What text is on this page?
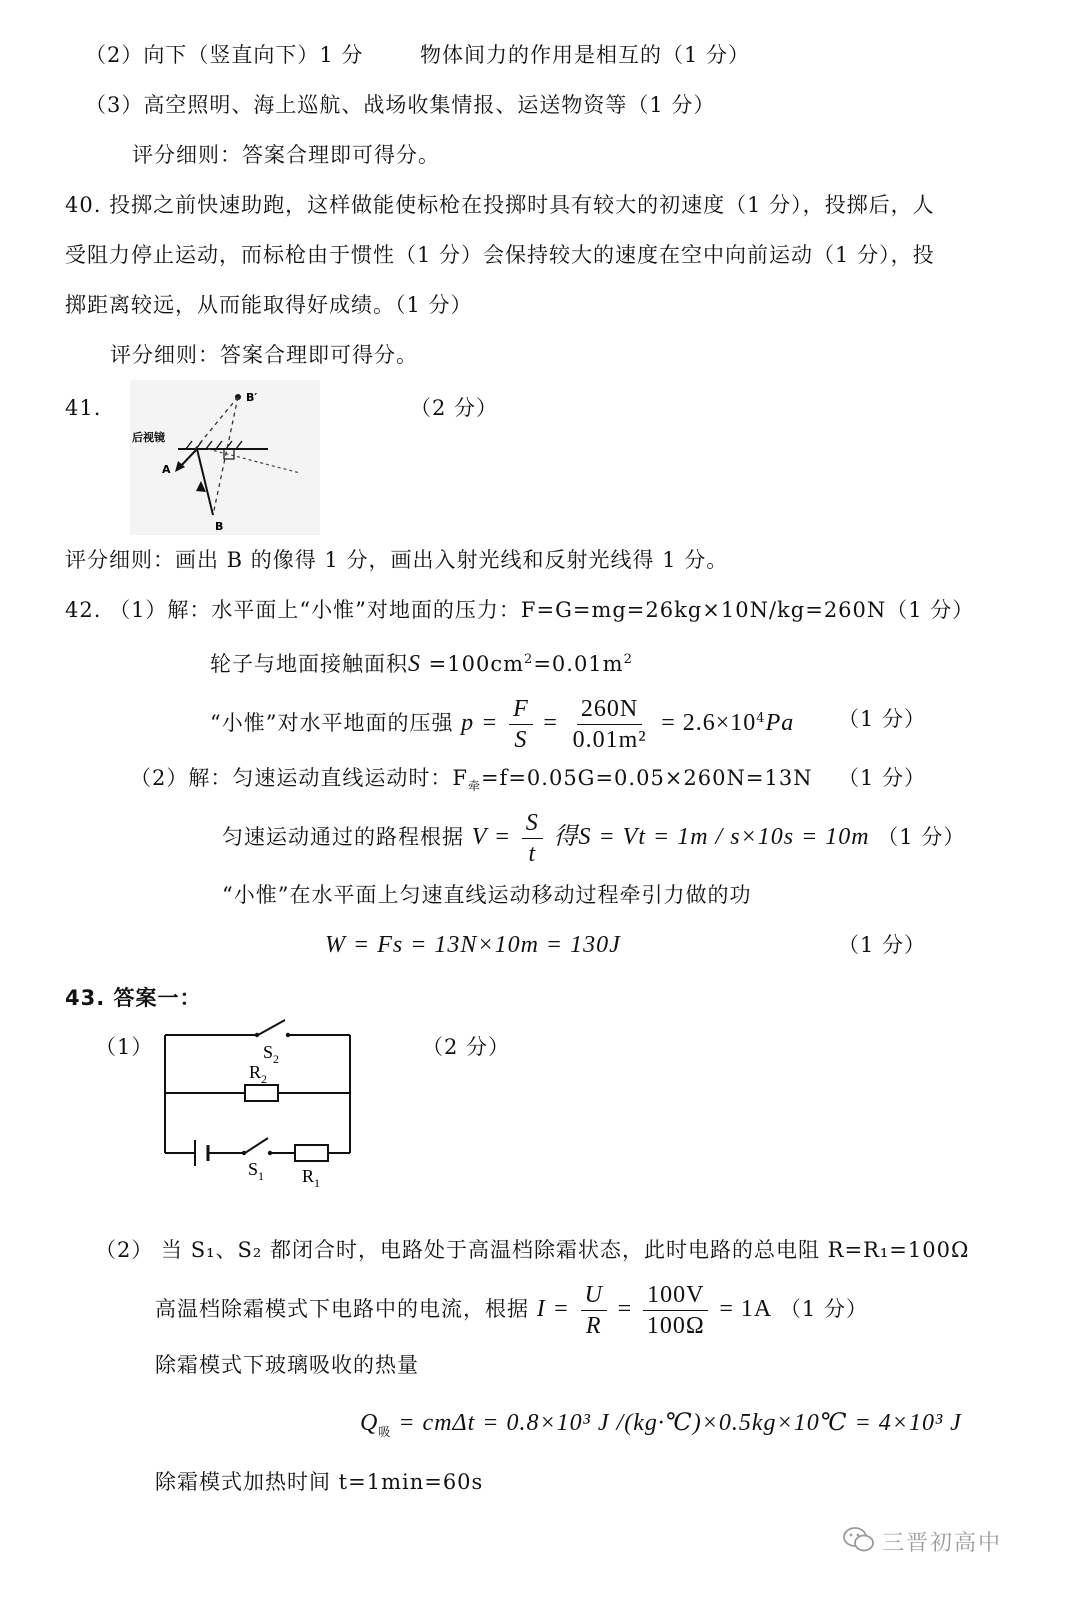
（2）向下（竖直向下）1 分	物体间力的作用是相互的（1 分）
（3）高空照明、海上巡航、战场收集情报、运送物资等（1 分）
评分细则：答案合理即可得分。
40. 投掷之前快速助跑，这样做能使标枪在投掷时具有较大的初速度（1 分），投掷后，人
受阻力停止运动，而标枪由于惯性（1 分）会保持较大的速度在空中向前运动（1 分），投
掷距离较远，从而能取得好成绩。（1 分）
评分细则：答案合理即可得分。
41.	（2 分）
后视镜
A
B
B′
评分细则：画出 B 的像得 1 分，画出入射光线和反射光线得 1 分。
42. （1）解：水平面上“小惟”对地面的压力：F=G=mg=26kg×10N/kg=260N（1 分）
轮子与地面接触面积$S =100cm^2=0.01m^2$
“小惟”对水平地面的压强 $p = \frac{F}{S} = \frac{260N}{\text{0.01m²}} = 2.6\times 10^4Pa$ （1 分）
（2）解：匀速运动直线运动时：$F_牵=f=0.05G=0.05\times 260N=13N$ （1 分）
匀速运动通过的路程根据 $V = \frac{S}{t}$ 得S = Vt = 1m / s×10s = 10m （1 分）
“小惟”在水平面上匀速直线运动移动过程牵引力做的功
W = Fs = 13N×10m = 130J	（1 分）
43. 答案一：
（1）	（2 分）
$S_2$
$R_2$
$S_1$ $R_1$
（2） 当 S₁、S₂ 都闭合时，电路处于高温档除霜状态，此时电路的总电阻 R=R₁=100Ω
高温档除霜模式下电路中的电流，根据 $I = \frac{U}{R} = \frac{100V}{100\Omega} = 1A$ （1 分）
除霜模式下玻璃吸收的热量
$Q_吸 = cm\Delta t = 0.8\times 10^3$ J /(kg·℃)×0.5kg×10℃ = 4×10³ J
除霜模式加热时间 t=1min=60s
三晋初高中
